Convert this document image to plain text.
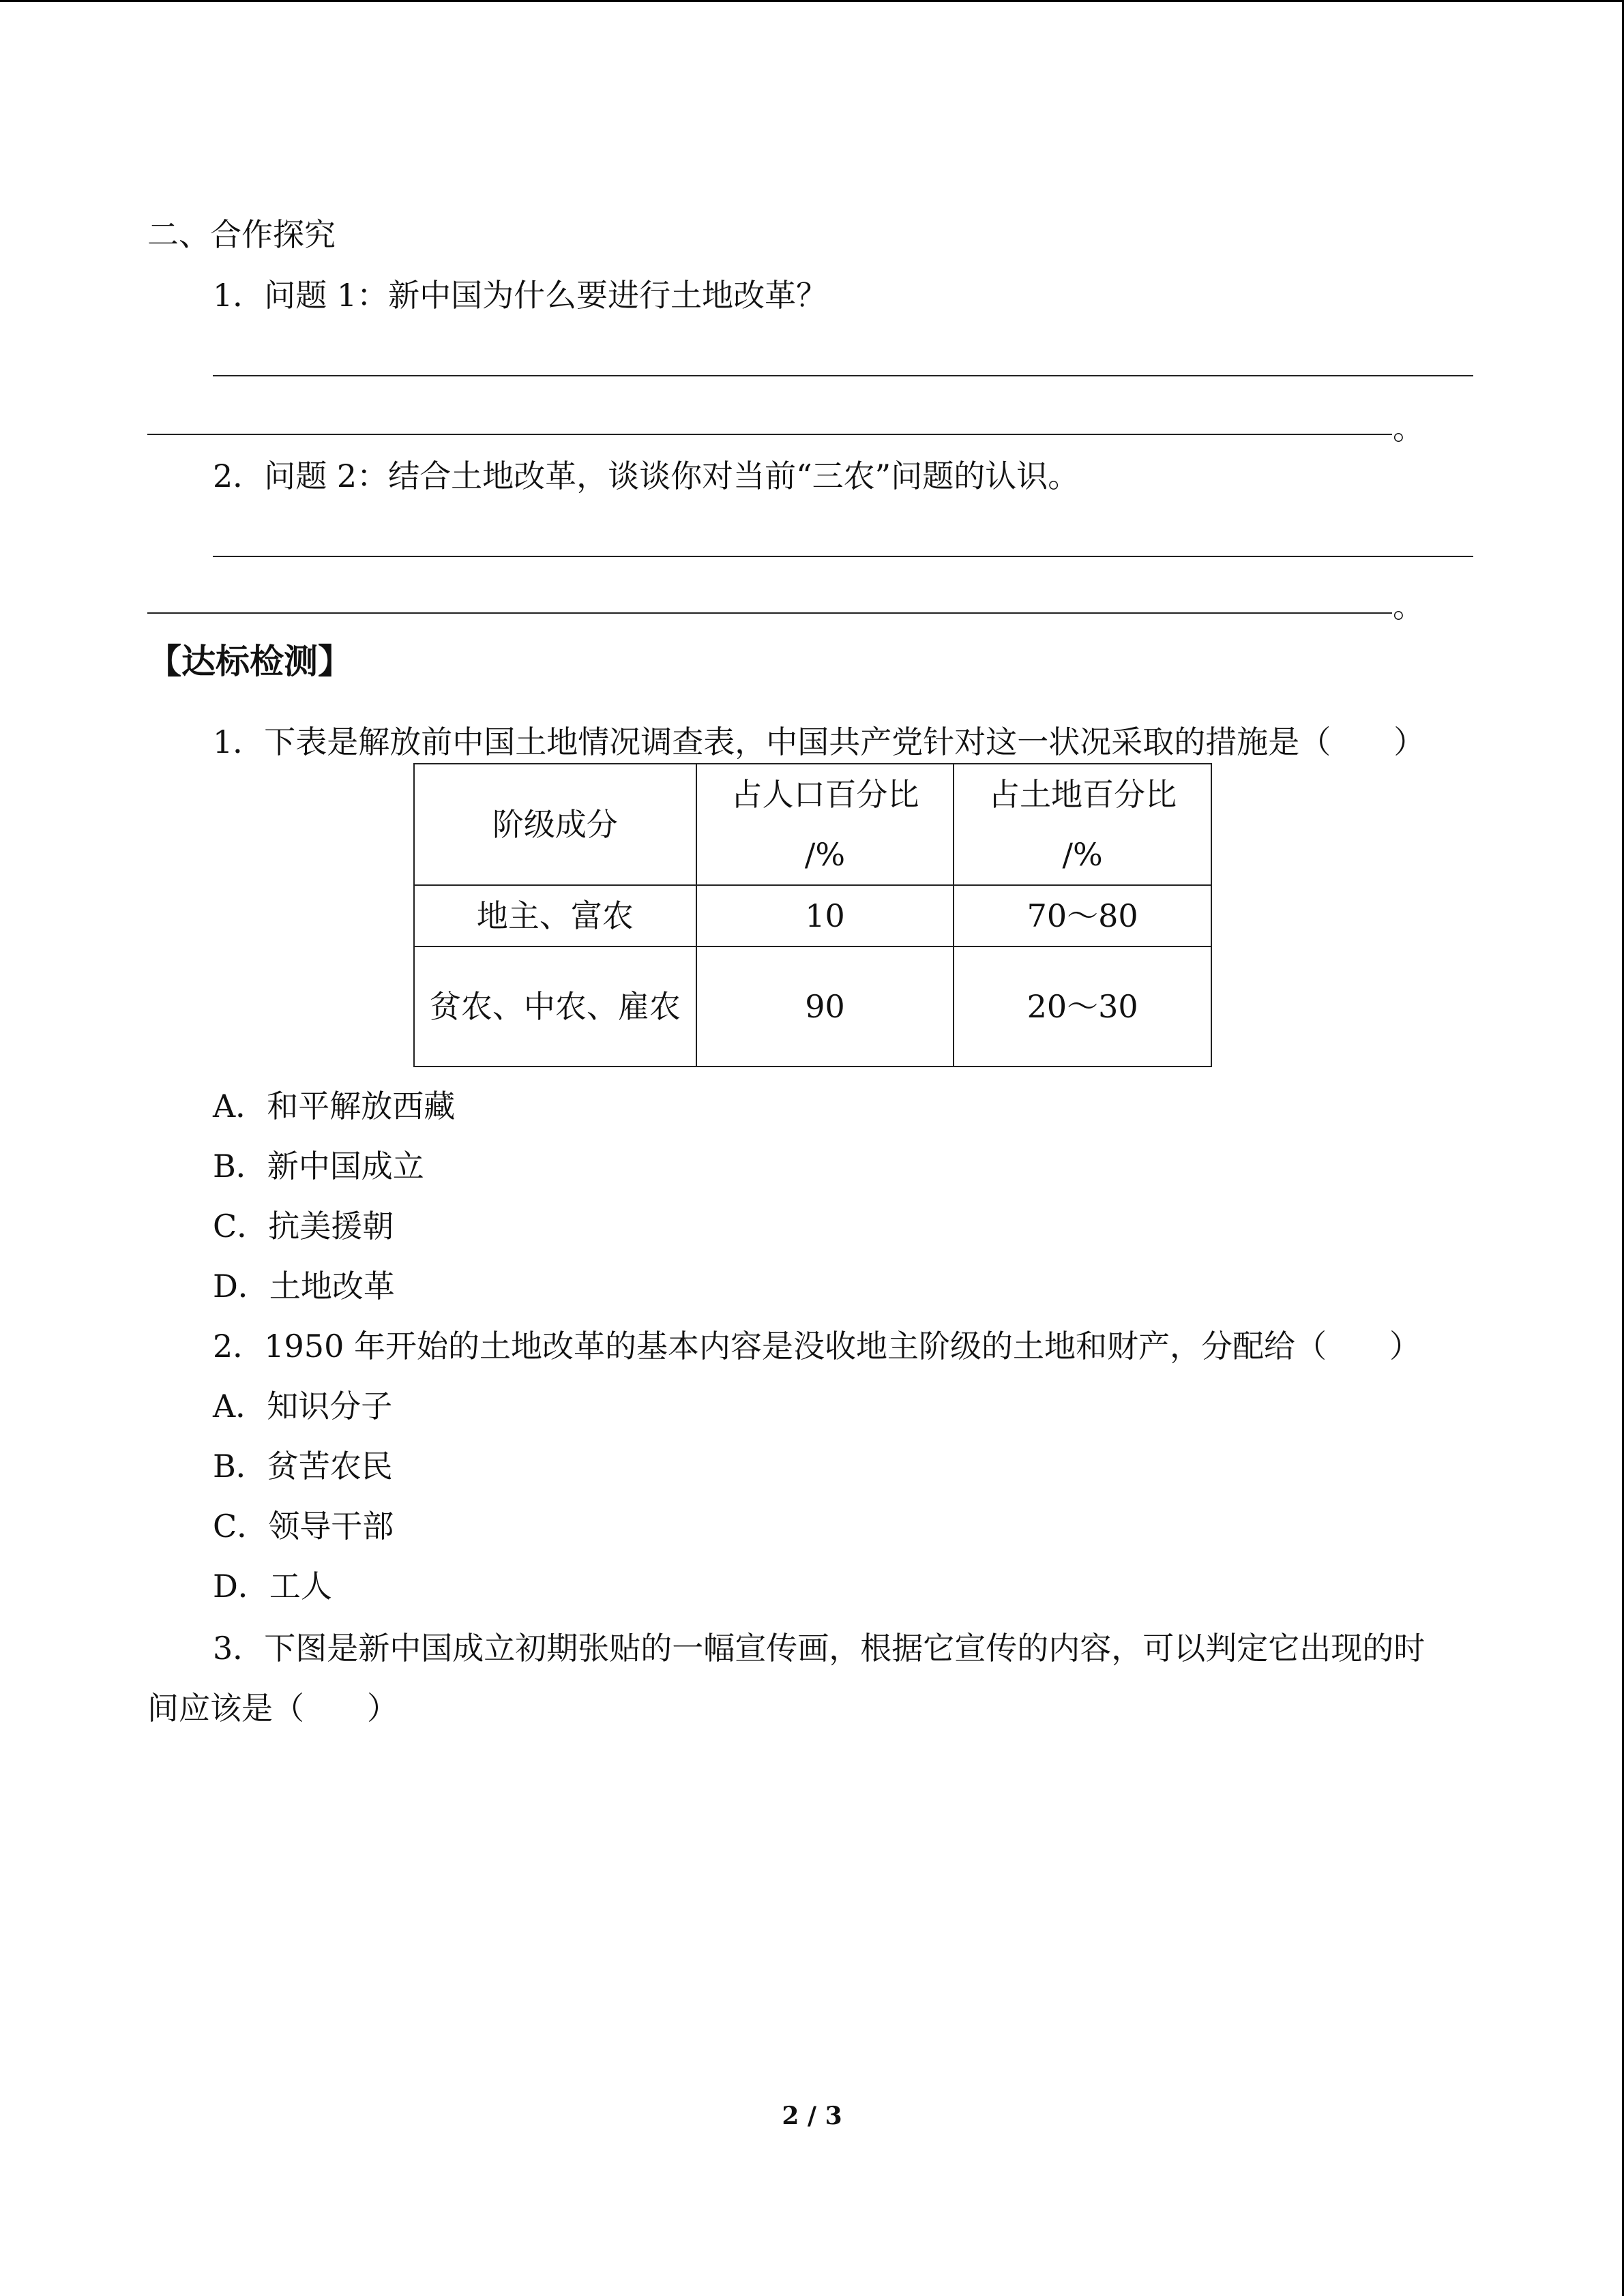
二、合作探究
1．问题 1：新中国为什么要进行土地改革？
。
2．问题 2：结合土地改革，谈谈你对当前“三农”问题的认识。
。
【达标检测】
1．下表是解放前中国土地情况调查表，中国共产党针对这一状况采取的措施是（　　）
阶级成分	占人口百分比 /%	占土地百分比 /%
地主、富农	10	70～80
贫农、中农、雇农	90	20～30
A．和平解放西藏
B．新中国成立
C．抗美援朝
D．土地改革
2．1950 年开始的土地改革的基本内容是没收地主阶级的土地和财产，分配给（　　）
A．知识分子
B．贫苦农民
C．领导干部
D．工人
3．下图是新中国成立初期张贴的一幅宣传画，根据它宣传的内容，可以判定它出现的时
间应该是（　　）
2 / 3
